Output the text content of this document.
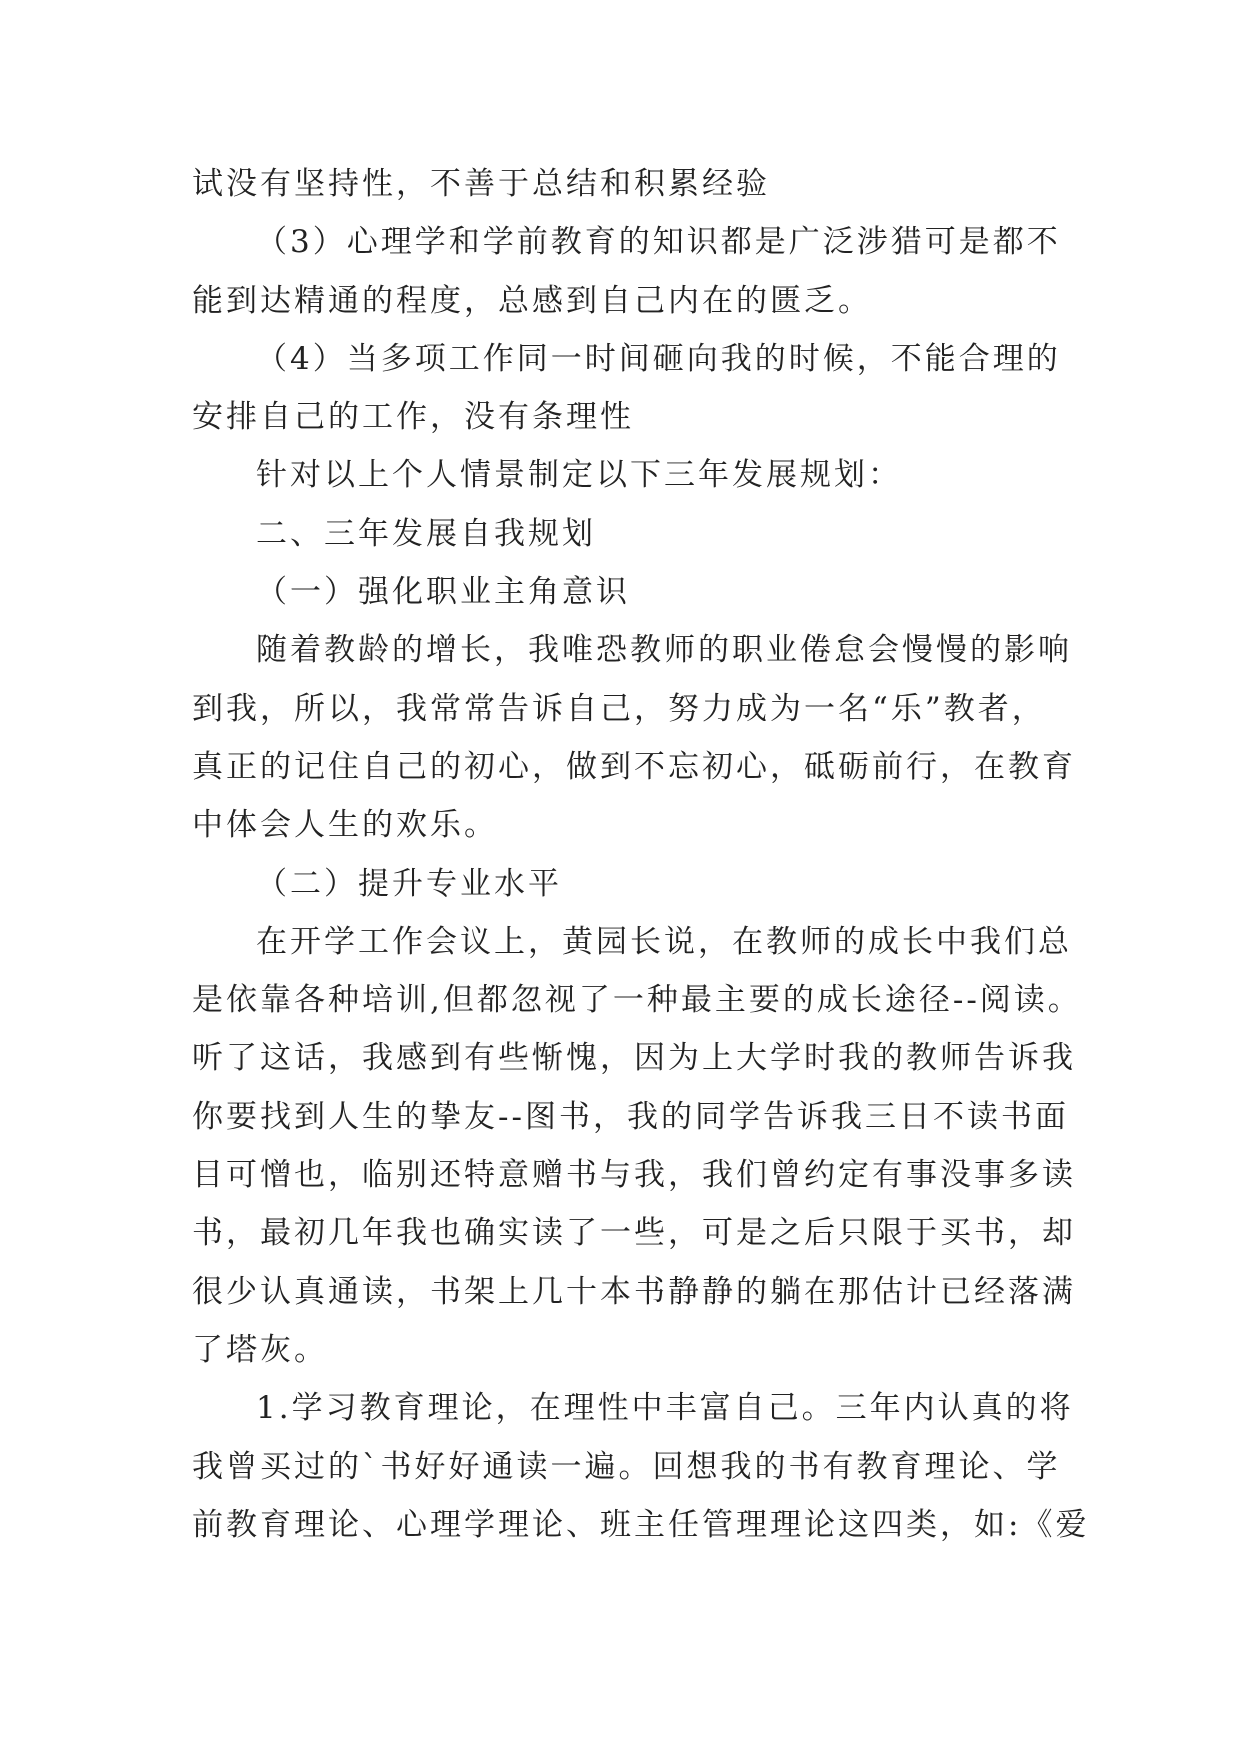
试没有坚持性，不善于总结和积累经验
（3）心理学和学前教育的知识都是广泛涉猎可是都不
能到达精通的程度，总感到自己内在的匮乏。
（4）当多项工作同一时间砸向我的时候，不能合理的
安排自己的工作，没有条理性
针对以上个人情景制定以下三年发展规划：
二、三年发展自我规划
（一）强化职业主角意识
随着教龄的增长，我唯恐教师的职业倦怠会慢慢的影响
到我，所以，我常常告诉自己，努力成为一名“乐”教者，
真正的记住自己的初心，做到不忘初心，砥砺前行，在教育
中体会人生的欢乐。
（二）提升专业水平
在开学工作会议上，黄园长说，在教师的成长中我们总
是依靠各种培训,但都忽视了一种最主要的成长途径--阅读。
听了这话，我感到有些惭愧，因为上大学时我的教师告诉我
你要找到人生的挚友--图书，我的同学告诉我三日不读书面
目可憎也，临别还特意赠书与我，我们曾约定有事没事多读
书，最初几年我也确实读了一些，可是之后只限于买书，却
很少认真通读，书架上几十本书静静的躺在那估计已经落满
了塔灰。
1.学习教育理论，在理性中丰富自己。三年内认真的将
我曾买过的`书好好通读一遍。回想我的书有教育理论、学
前教育理论、心理学理论、班主任管理理论这四类，如:《爱
